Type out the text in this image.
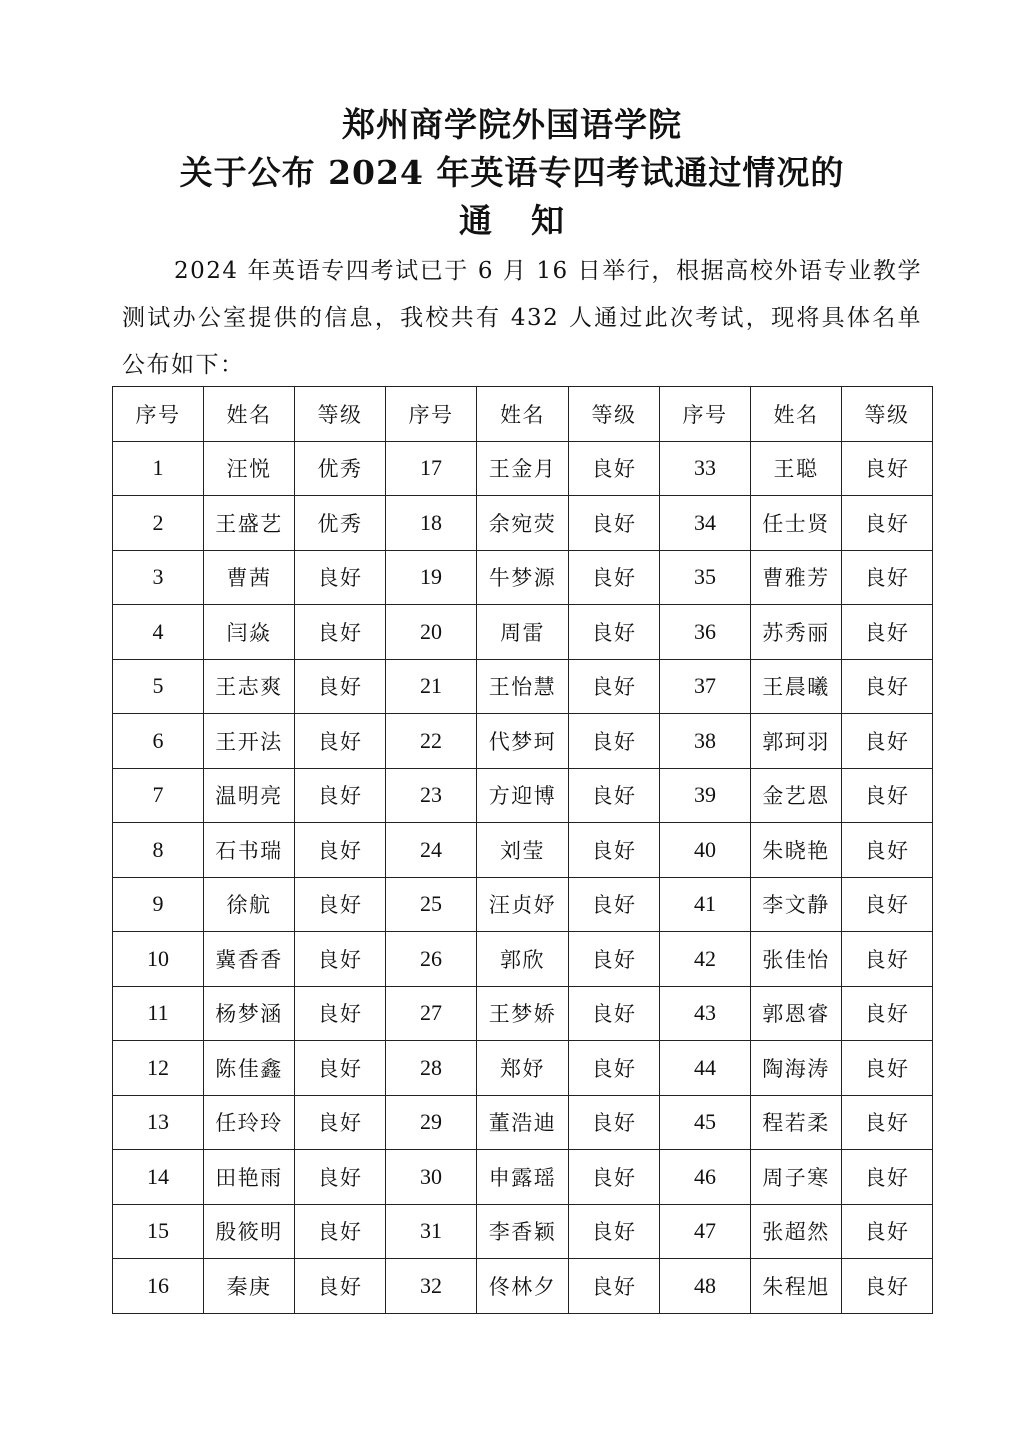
郑州商学院外国语学院
关于公布 2024 年英语专四考试通过情况的
通 知
2024 年英语专四考试已于 6 月 16 日举行，根据高校外语专业教学测试办公室提供的信息，我校共有 432 人通过此次考试，现将具体名单公布如下：
序号	姓名	等级	序号	姓名	等级	序号	姓名	等级
1	汪悦	优秀	17	王金月	良好	33	王聪	良好
2	王盛艺	优秀	18	余宛荧	良好	34	任士贤	良好
3	曹茜	良好	19	牛梦源	良好	35	曹雅芳	良好
4	闫焱	良好	20	周雷	良好	36	苏秀丽	良好
5	王志爽	良好	21	王怡慧	良好	37	王晨曦	良好
6	王开法	良好	22	代梦珂	良好	38	郭珂羽	良好
7	温明亮	良好	23	方迎博	良好	39	金艺恩	良好
8	石书瑞	良好	24	刘莹	良好	40	朱晓艳	良好
9	徐航	良好	25	汪贞妤	良好	41	李文静	良好
10	冀香香	良好	26	郭欣	良好	42	张佳怡	良好
11	杨梦涵	良好	27	王梦娇	良好	43	郭恩睿	良好
12	陈佳鑫	良好	28	郑妤	良好	44	陶海涛	良好
13	任玲玲	良好	29	董浩迪	良好	45	程若柔	良好
14	田艳雨	良好	30	申露瑶	良好	46	周子寒	良好
15	殷筱明	良好	31	李香颖	良好	47	张超然	良好
16	秦庚	良好	32	佟林夕	良好	48	朱程旭	良好
